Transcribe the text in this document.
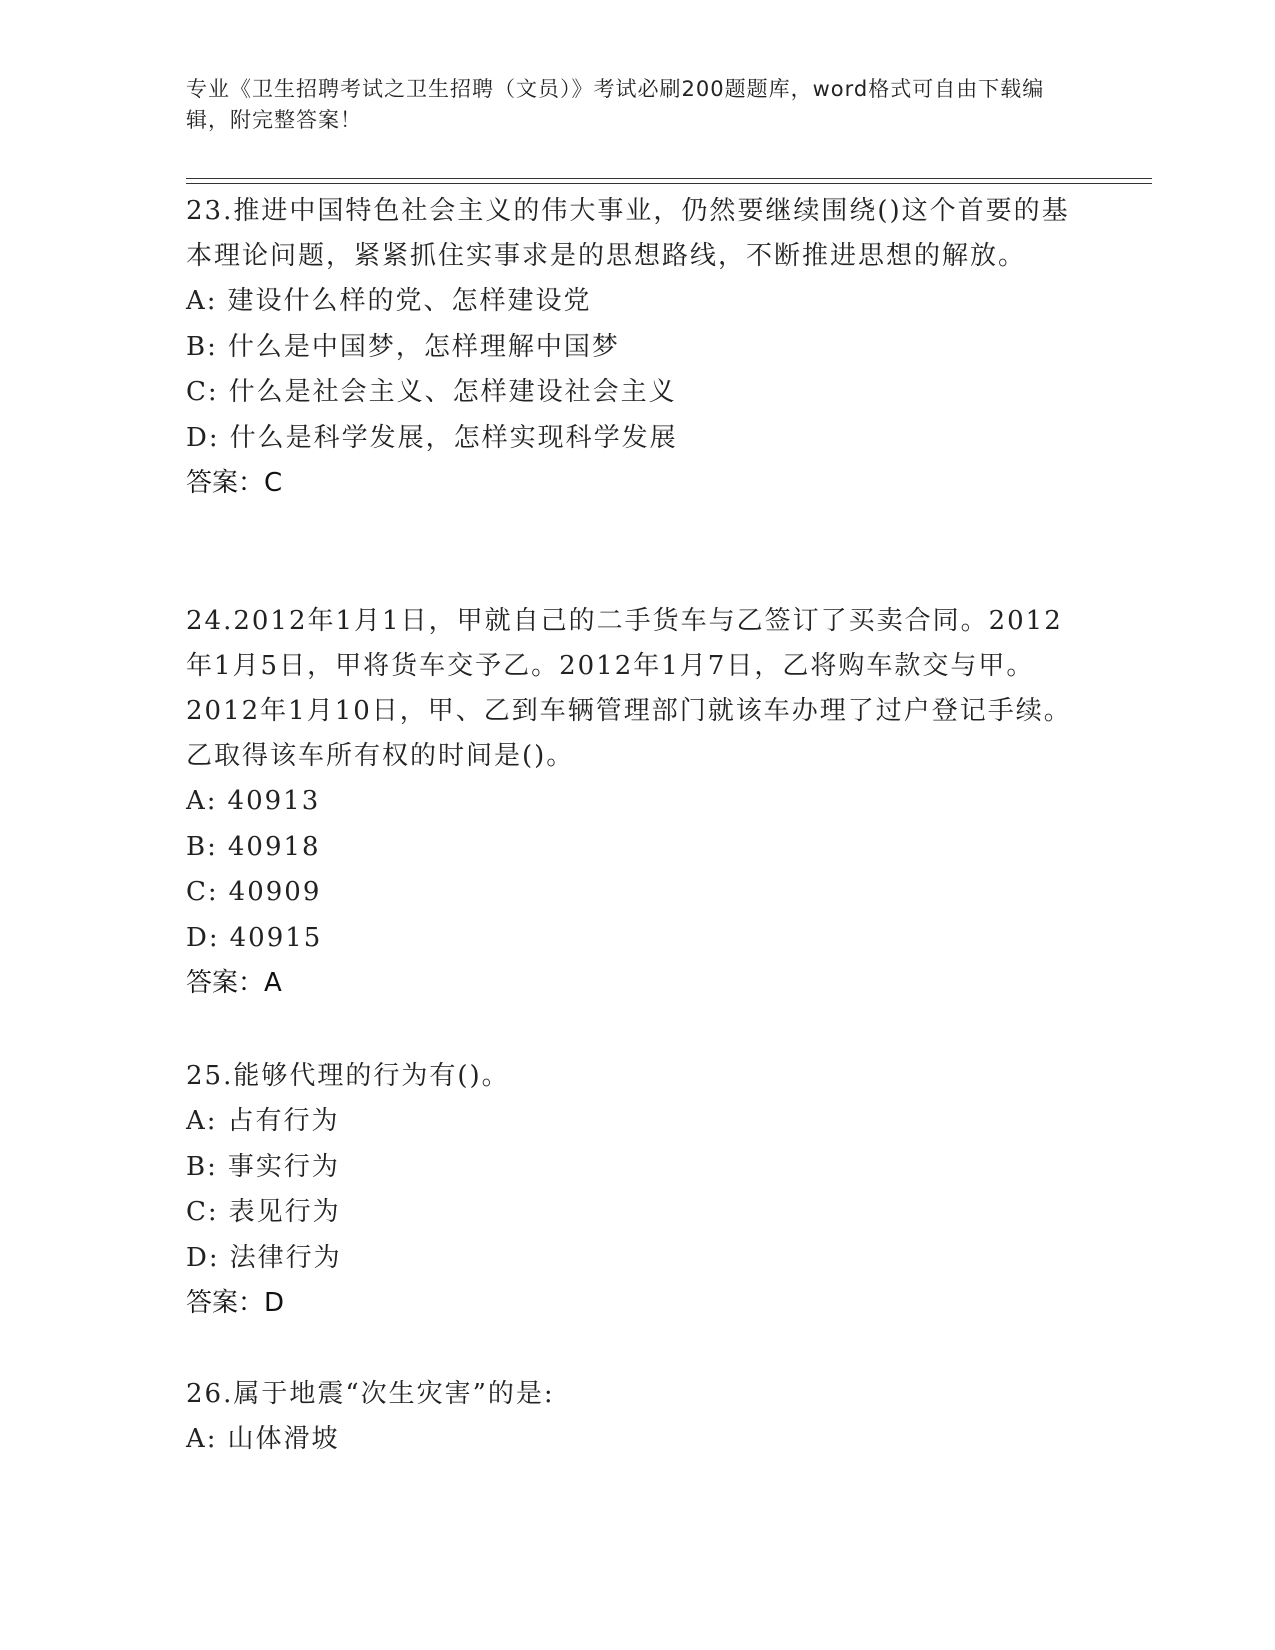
专业《卫生招聘考试之卫生招聘（文员）》考试必刷200题题库，word格式可自由下载编辑，附完整答案！

23.推进中国特色社会主义的伟大事业，仍然要继续围绕()这个首要的基本理论问题，紧紧抓住实事求是的思想路线，不断推进思想的解放。

A: 建设什么样的党、怎样建设党

B: 什么是中国梦，怎样理解中国梦

C: 什么是社会主义、怎样建设社会主义

D: 什么是科学发展，怎样实现科学发展

答案：C

24.2012年1月1日，甲就自己的二手货车与乙签订了买卖合同。2012年1月5日，甲将货车交予乙。2012年1月7日，乙将购车款交与甲。2012年1月10日，甲、乙到车辆管理部门就该车办理了过户登记手续。乙取得该车所有权的时间是()。

A: 40913

B: 40918

C: 40909

D: 40915

答案：A

25.能够代理的行为有()。

A: 占有行为

B: 事实行为

C: 表见行为

D: 法律行为

答案：D

26.属于地震“次生灾害”的是:

A: 山体滑坡
